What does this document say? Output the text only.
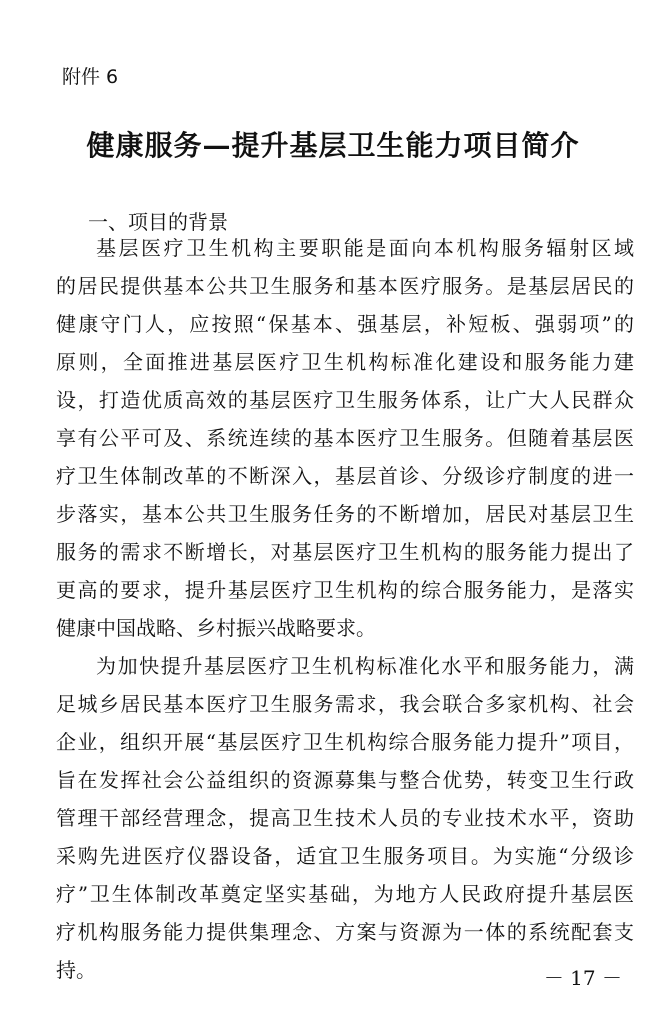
附件 6
健康服务—提升基层卫生能力项目简介
一、项目的背景
基层医疗卫生机构主要职能是面向本机构服务辐射区域
的居民提供基本公共卫生服务和基本医疗服务。是基层居民的
健康守门人，应按照“保基本、强基层，补短板、强弱项”的
原则，全面推进基层医疗卫生机构标准化建设和服务能力建
设，打造优质高效的基层医疗卫生服务体系，让广大人民群众
享有公平可及、系统连续的基本医疗卫生服务。但随着基层医
疗卫生体制改革的不断深入，基层首诊、分级诊疗制度的进一
步落实，基本公共卫生服务任务的不断增加，居民对基层卫生
服务的需求不断增长，对基层医疗卫生机构的服务能力提出了
更高的要求，提升基层医疗卫生机构的综合服务能力，是落实
健康中国战略、乡村振兴战略要求。
为加快提升基层医疗卫生机构标准化水平和服务能力，满
足城乡居民基本医疗卫生服务需求，我会联合多家机构、社会
企业，组织开展“基层医疗卫生机构综合服务能力提升”项目，
旨在发挥社会公益组织的资源募集与整合优势，转变卫生行政
管理干部经营理念，提高卫生技术人员的专业技术水平，资助
采购先进医疗仪器设备，适宜卫生服务项目。为实施“分级诊
疗”卫生体制改革奠定坚实基础，为地方人民政府提升基层医
疗机构服务能力提供集理念、方案与资源为一体的系统配套支
持。	－ 17 －
